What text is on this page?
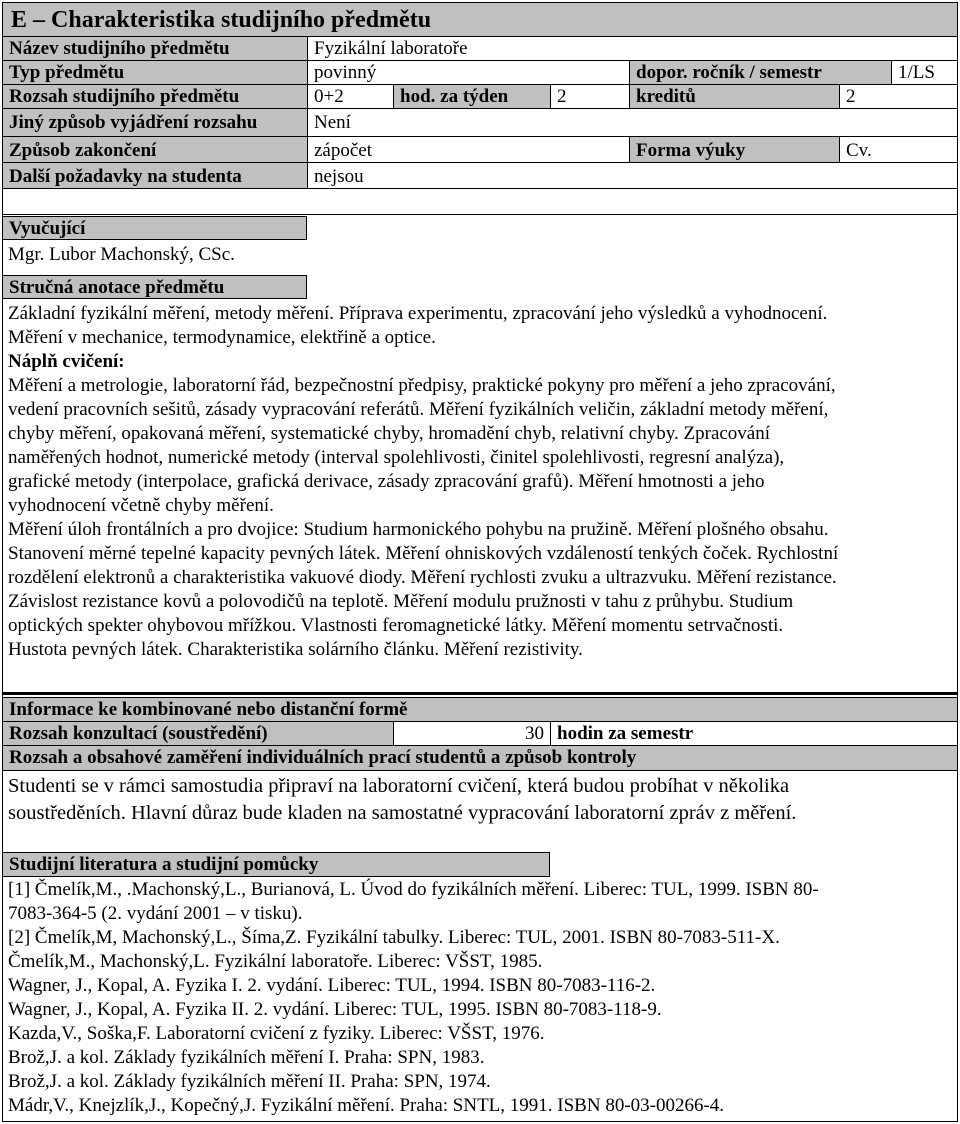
E – Charakteristika studijního předmětu
Název studijního předmětu	Fyzikální laboratoře
Typ předmětu	povinný	dopor. ročník / semestr	1/LS
Rozsah studijního předmětu	0+2	hod. za týden	2	kreditů	2
Jiný způsob vyjádření rozsahu	Není
Způsob zakončení	zápočet	Forma výuky	Cv.
Další požadavky na studenta	nejsou
Vyučující
Mgr. Lubor Machonský, CSc.
Stručná anotace předmětu

Základní fyzikální měření, metody měření. Příprava experimentu, zpracování jeho výsledků a vyhodnocení.

Měření v mechanice, termodynamice, elektřině a optice.

Náplň cvičení:

Měření a metrologie, laboratorní řád, bezpečnostní předpisy, praktické pokyny pro měření a jeho zpracování,

vedení pracovních sešitů, zásady vypracování referátů. Měření fyzikálních veličin, základní metody měření,

chyby měření, opakovaná měření, systematické chyby, hromadění chyb, relativní chyby. Zpracování

naměřených hodnot, numerické metody (interval spolehlivosti, činitel spolehlivosti, regresní analýza),

grafické metody (interpolace, grafická derivace, zásady zpracování grafů). Měření hmotnosti a jeho

vyhodnocení včetně chyby měření.

Měření úloh frontálních a pro dvojice: Studium harmonického pohybu na pružině. Měření plošného obsahu.

Stanovení měrné tepelné kapacity pevných látek. Měření ohniskových vzdáleností tenkých čoček. Rychlostní

rozdělení elektronů a charakteristika vakuové diody. Měření rychlosti zvuku a ultrazvuku. Měření rezistance.

Závislost rezistance kovů a polovodičů na teplotě. Měření modulu pružnosti v tahu z průhybu. Studium

optických spekter ohybovou mřížkou. Vlastnosti feromagnetické látky. Měření momentu setrvačnosti.

Hustota pevných látek. Charakteristika solárního článku. Měření rezistivity.

Informace ke kombinované nebo distanční formě
Rozsah konzultací (soustředění)	30 hodin za semestr
Rozsah a obsahové zaměření individuálních prací studentů a způsob kontroly

Studenti se v rámci samostudia připraví na laboratorní cvičení, která budou probíhat v několika

soustředěních. Hlavní důraz bude kladen na samostatné vypracování laboratorní zpráv z měření.

Studijní literatura a studijní pomůcky

[1] Čmelík,M., .Machonský,L., Burianová, L. Úvod do fyzikálních měření. Liberec: TUL, 1999. ISBN 80-

7083-364-5 (2. vydání 2001 – v tisku).

[2] Čmelík,M, Machonský,L., Šíma,Z. Fyzikální tabulky. Liberec: TUL, 2001. ISBN 80-7083-511-X.

Čmelík,M., Machonský,L. Fyzikální laboratoře. Liberec: VŠST, 1985.

Wagner, J., Kopal, A. Fyzika I. 2. vydání. Liberec: TUL, 1994. ISBN 80-7083-116-2.

Wagner, J., Kopal, A. Fyzika II. 2. vydání. Liberec: TUL, 1995. ISBN 80-7083-118-9.

Kazda,V., Soška,F. Laboratorní cvičení z fyziky. Liberec: VŠST, 1976.

Brož,J. a kol. Základy fyzikálních měření I. Praha: SPN, 1983.

Brož,J. a kol. Základy fyzikálních měření II. Praha: SPN, 1974.

Mádr,V., Knejzlík,J., Kopečný,J. Fyzikální měření. Praha: SNTL, 1991. ISBN 80-03-00266-4.
